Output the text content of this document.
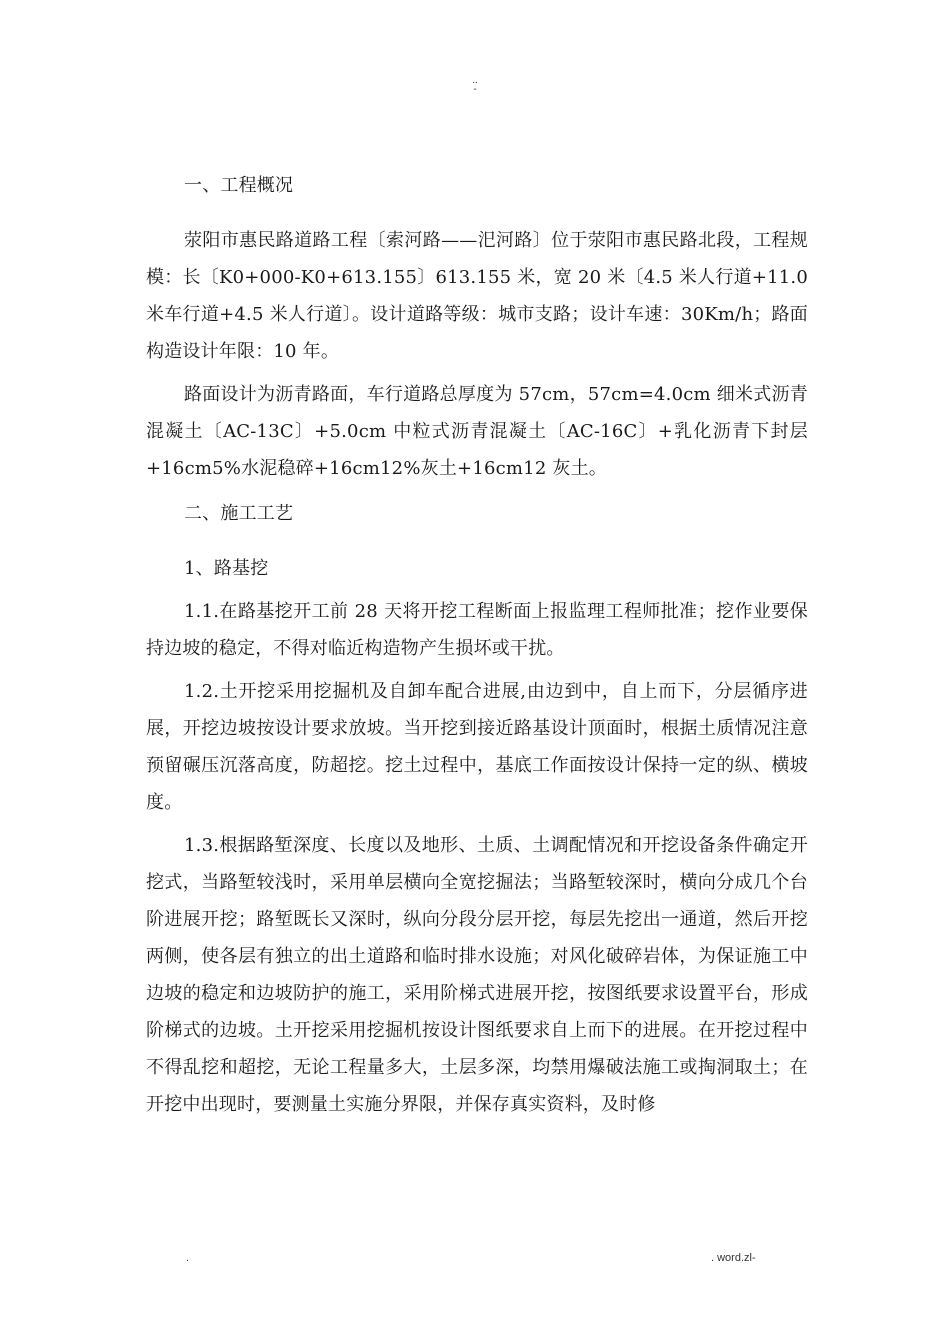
..
-

一、工程概况

荥阳市惠民路道路工程〔索河路——汜河路〕位于荥阳市惠民路北段，工程规模：长〔K0+000-K0+613.155〕613.155 米，宽 20 米〔4.5 米人行道+11.0 米车行道+4.5 米人行道〕。设计道路等级：城市支路；设计车速：30Km/h；路面构造设计年限：10 年。

路面设计为沥青路面，车行道路总厚度为 57cm，57cm=4.0cm 细米式沥青混凝土〔AC-13C〕+5.0cm 中粒式沥青混凝土〔AC-16C〕+乳化沥青下封层+16cm5%水泥稳碎+16cm12%灰土+16cm12 灰土。

二、施工工艺

1、路基挖

1.1.在路基挖开工前 28 天将开挖工程断面上报监理工程师批准；挖作业要保持边坡的稳定，不得对临近构造物产生损坏或干扰。

1.2.土开挖采用挖掘机及自卸车配合进展,由边到中，自上而下，分层循序进展，开挖边坡按设计要求放坡。当开挖到接近路基设计顶面时，根据土质情况注意预留碾压沉落高度，防超挖。挖土过程中，基底工作面按设计保持一定的纵、横坡度。

1.3.根据路堑深度、长度以及地形、土质、土调配情况和开挖设备条件确定开挖式，当路堑较浅时，采用单层横向全宽挖掘法；当路堑较深时，横向分成几个台阶进展开挖；路堑既长又深时，纵向分段分层开挖，每层先挖出一通道，然后开挖两侧，使各层有独立的出土道路和临时排水设施；对风化破碎岩体，为保证施工中边坡的稳定和边坡防护的施工，采用阶梯式进展开挖，按图纸要求设置平台，形成阶梯式的边坡。土开挖采用挖掘机按设计图纸要求自上而下的进展。在开挖过程中不得乱挖和超挖，无论工程量多大，土层多深，均禁用爆破法施工或掏洞取土；在开挖中出现时，要测量土实施分界限，并保存真实资料，及时修

.	. word.zl-
